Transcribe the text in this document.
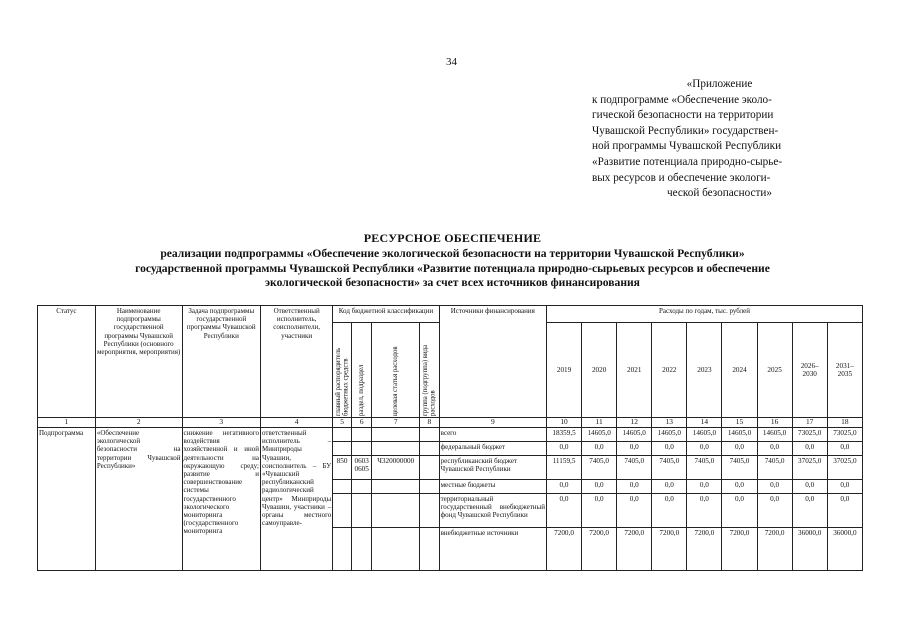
34
«Приложение
к подпрограмме «Обеспечение эколо-
гической безопасности на территории
Чувашской Республики» государствен-
ной программы Чувашской Республики
«Развитие потенциала природно-сырье-
вых ресурсов и обеспечение экологи-
ческой безопасности»
РЕСУРСНОЕ ОБЕСПЕЧЕНИЕ
реализации подпрограммы «Обеспечение экологической безопасности на территории Чувашской Республики»
государственной программы Чувашской Республики «Развитие потенциала природно-сырьевых ресурсов и обеспечение
экологической безопасности» за счет всех источников финансирования
Статус	Наименование подпрограммы государственной программы Чувашской Республики (основного мероприятия, мероприятия)	Задача подпрограммы государственной программы Чувашской Республики	Ответственный исполнитель, соисполнители, участники	Код бюджетной классификации				Источники финансирования	Расходы по годам, тыс. рублей								

				главный распорядитель бюджетных средств	раздел, подраздел	целевая статья расходов	группа (подгруппа) вида расходов		2019	2020	2021	2022	2023	2024	2025	2026–2030	2031–2035
1	2	3	4	5	6	7	8	9	10	11	12	13	14	15	16	17	18
Подпрограмма	«Обеспечение экологической безопасности на территории Чувашской Республики»	снижение негативного воздействия хозяйственной и иной деятельности на окружающую среду; развитие и совершенствование системы государственного экологического мониторинга (государственного мониторинга	ответственный исполнитель – Минприроды Чувашии, соисполнитель – БУ «Чувашский республиканский радиологический центр» Минприроды Чувашии, участники – органы местного самоуправле-					всего	18359,5	14605,0	14605,0	14605,0	14605,0	14605,0	14605,0	73025,0	73025,0
								федеральный бюджет	0,0	0,0	0,0	0,0	0,0	0,0	0,0	0,0	0,0
				850	0603 0605	Ч320000000		республиканский бюджет Чувашской Республики	11159,5	7405,0	7405,0	7405,0	7405,0	7405,0	7405,0	37025,0	37025,0
								местные бюджеты	0,0	0,0	0,0	0,0	0,0	0,0	0,0	0,0	0,0
								территориальный государственный внебюджетный фонд Чувашской Республики	0,0	0,0	0,0	0,0	0,0	0,0	0,0	0,0	0,0
								внебюджетные источники	7200,0	7200,0	7200,0	7200,0	7200,0	7200,0	7200,0	36000,0	36000,0
